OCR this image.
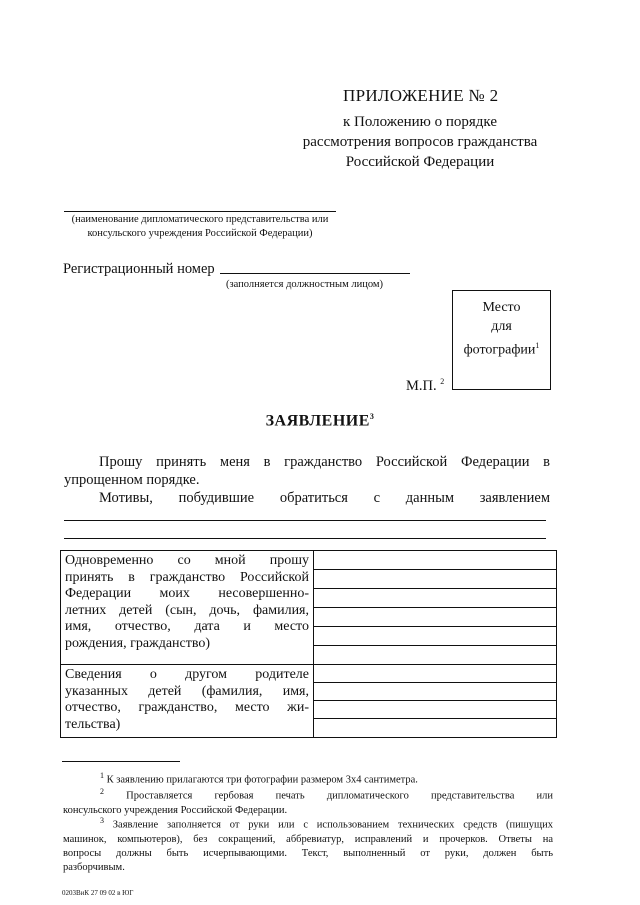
ПРИЛОЖЕНИЕ № 2
к Положению о порядке
рассмотрения вопросов гражданства
Российской Федерации
(наименование дипломатического представительства или
консульского учреждения Российской Федерации)
Регистрационный номер
(заполняется должностным лицом)
Место
для
фотографии$^1$
М.П. $^2$
ЗАЯВЛЕНИЕ$^3$
Прошу принять меня в гражданство Российской Федерации в
упрощенном порядке.
Мотивы, побудившие обратиться с данным заявлением
Одновременно со мной прошу
принять в гражданство Российской
Федерации моих несовершенно-
летних детей (сын, дочь, фамилия,
имя, отчество, дата и место
рождения, гражданство)
Сведения о другом родителе
указанных детей (фамилия, имя,
отчество, гражданство, место жи-
тельства)
$^1$ К заявлению прилагаются три фотографии размером 3х4 сантиметра.
$^2$ Проставляется гербовая печать дипломатического представительства или
консульского учреждения Российской Федерации.
$^3$ Заявление заполняется от руки или с использованием технических средств (пишущих
машинок, компьютеров), без сокращений, аббревиатур, исправлений и прочерков. Ответы на
вопросы должны быть исчерпывающими. Текст, выполненный от руки, должен быть
разборчивым.
0203ВиК 27 09 02 в ЮГ
